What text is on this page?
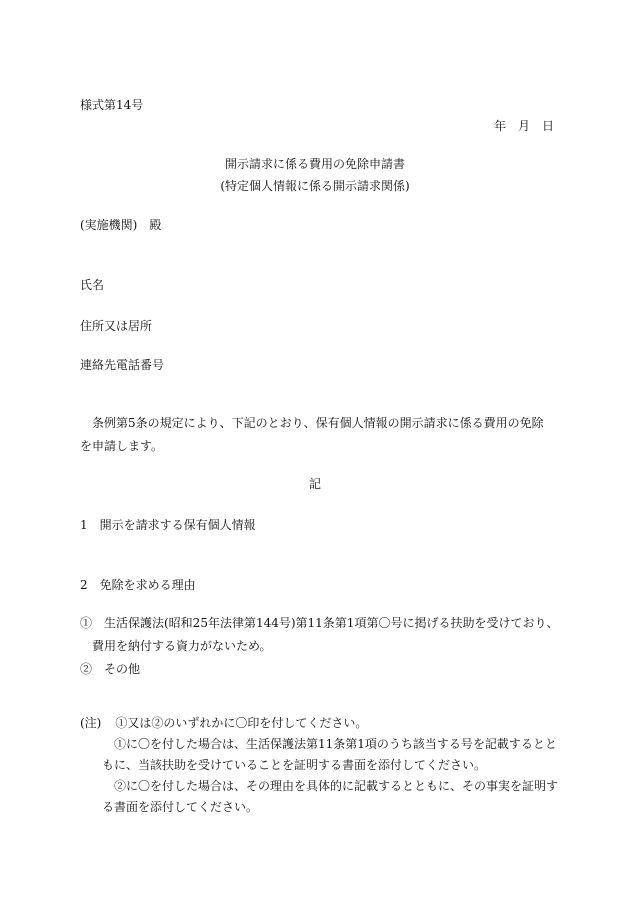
様式第14号
年　月　日
開示請求に係る費用の免除申請書
(特定個人情報に係る開示請求関係)
(実施機関)　殿
氏名
住所又は居所
連絡先電話番号
条例第5条の規定により、下記のとおり、保有個人情報の開示請求に係る費用の免除を申請します。
記
1　開示を請求する保有個人情報
2　免除を求める理由
①　生活保護法(昭和25年法律第144号)第11条第1項第〇号に掲げる扶助を受けており、
費用を納付する資力がないため。
②　その他
(注) ①又は②のいずれかに〇印を付してください。
①に〇を付した場合は、生活保護法第11条第1項のうち該当する号を記載するとと
もに、当該扶助を受けていることを証明する書面を添付してください。
②に〇を付した場合は、その理由を具体的に記載するとともに、その事実を証明す
る書面を添付してください。
